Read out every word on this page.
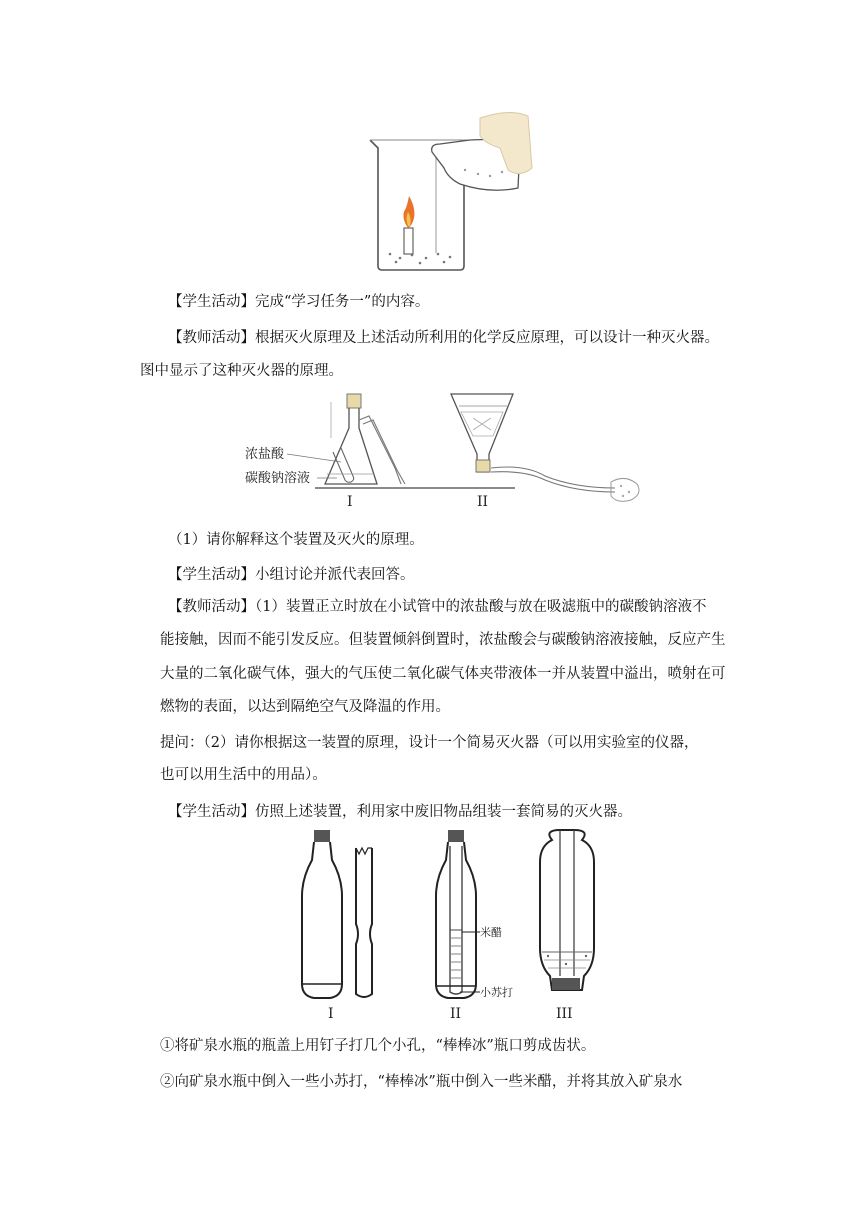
【学生活动】完成“学习任务一”的内容。
【教师活动】根据灭火原理及上述活动所利用的化学反应原理，可以设计一种灭火器。
图中显示了这种灭火器的原理。
浓盐酸
碳酸钠溶液
I	II
（1）请你解释这个装置及灭火的原理。
【学生活动】小组讨论并派代表回答。
【教师活动】（1）装置正立时放在小试管中的浓盐酸与放在吸滤瓶中的碳酸钠溶液不
能接触，因而不能引发反应。但装置倾斜倒置时，浓盐酸会与碳酸钠溶液接触，反应产生
大量的二氧化碳气体，强大的气压使二氧化碳气体夹带液体一并从装置中溢出，喷射在可
燃物的表面，以达到隔绝空气及降温的作用。
提问：（2）请你根据这一装置的原理，设计一个简易灭火器（可以用实验室的仪器，
也可以用生活中的用品）。
【学生活动】仿照上述装置，利用家中废旧物品组装一套简易的灭火器。
I
米醋
小苏打
II	III
①将矿泉水瓶的瓶盖上用钉子打几个小孔，“棒棒冰”瓶口剪成齿状。
②向矿泉水瓶中倒入一些小苏打，“棒棒冰”瓶中倒入一些米醋，并将其放入矿泉水
